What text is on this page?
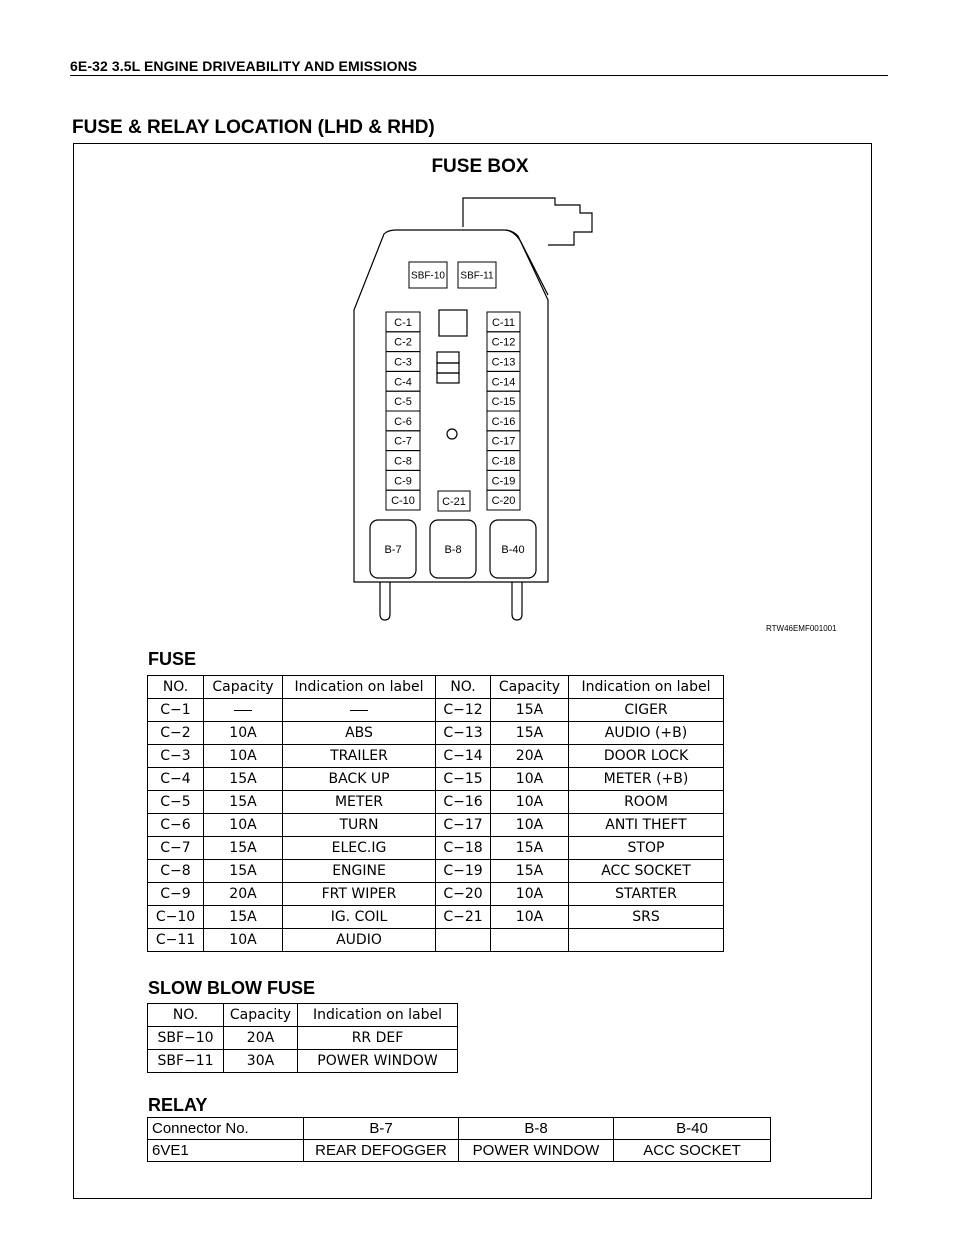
6E-32 3.5L ENGINE DRIVEABILITY AND EMISSIONS
FUSE & RELAY LOCATION (LHD & RHD)
FUSE BOX
SBF-10 SBF-11
C-1
C-2
C-3
C-4
C-5
C-6
C-7
C-8
C-9
C-10
C-11
C-12
C-13
C-14
C-15
C-16
C-17
C-18
C-19
C-20
C-21
B-7	B-8	B-40
RTW46EMF001001
FUSE
NO.	Capacity	Indication on label	NO.	Capacity	Indication on label
C−1			C−12	15A	CIGER
C−2	10A	ABS	C−13	15A	AUDIO (+B)
C−3	10A	TRAILER	C−14	20A	DOOR LOCK
C−4	15A	BACK UP	C−15	10A	METER (+B)
C−5	15A	METER	C−16	10A	ROOM
C−6	10A	TURN	C−17	10A	ANTI THEFT
C−7	15A	ELEC.IG	C−18	15A	STOP
C−8	15A	ENGINE	C−19	15A	ACC SOCKET
C−9	20A	FRT WIPER	C−20	10A	STARTER
C−10	15A	IG. COIL	C−21	10A	SRS
C−11	10A	AUDIO			
SLOW BLOW FUSE
NO.	Capacity	Indication on label
SBF−10	20A	RR DEF
SBF−11	30A	POWER WINDOW
RELAY
Connector No.	B-7	B-8	B-40
6VE1	REAR DEFOGGER	POWER WINDOW	ACC SOCKET
